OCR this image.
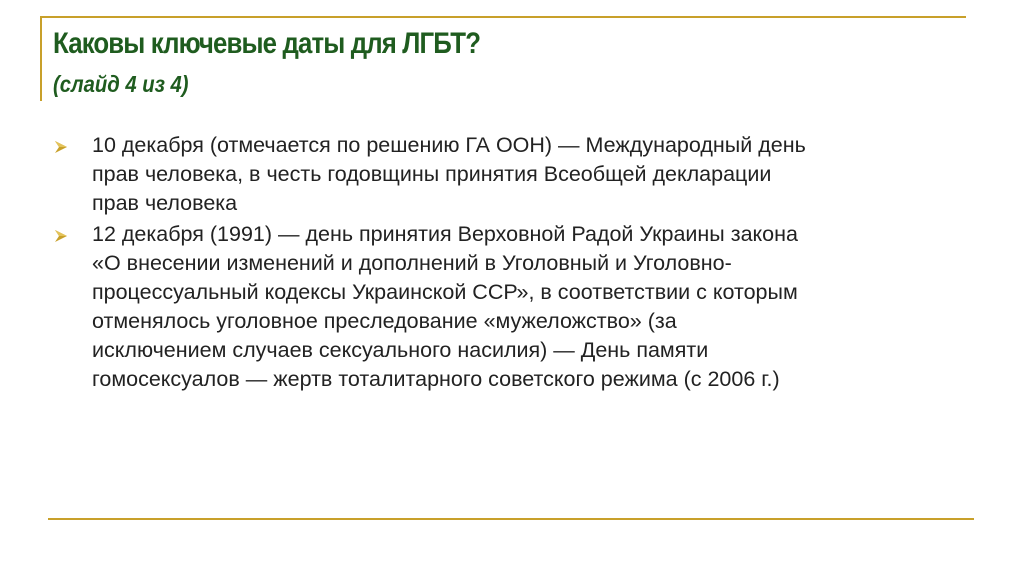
Каковы ключевые даты для ЛГБТ?
(слайд 4 из 4)
10 декабря (отмечается по решению ГА ООН) — Международный день
прав человека, в честь годовщины принятия Всеобщей декларации
прав человека
12 декабря (1991) — день принятия Верховной Радой Украины закона
«О внесении изменений и дополнений в Уголовный и Уголовно-
процессуальный кодексы Украинской ССР», в соответствии с которым
отменялось уголовное преследование «мужеложство» (за
исключением случаев сексуального насилия) — День памяти
гомосексуалов — жертв тоталитарного советского режима (с 2006 г.)
